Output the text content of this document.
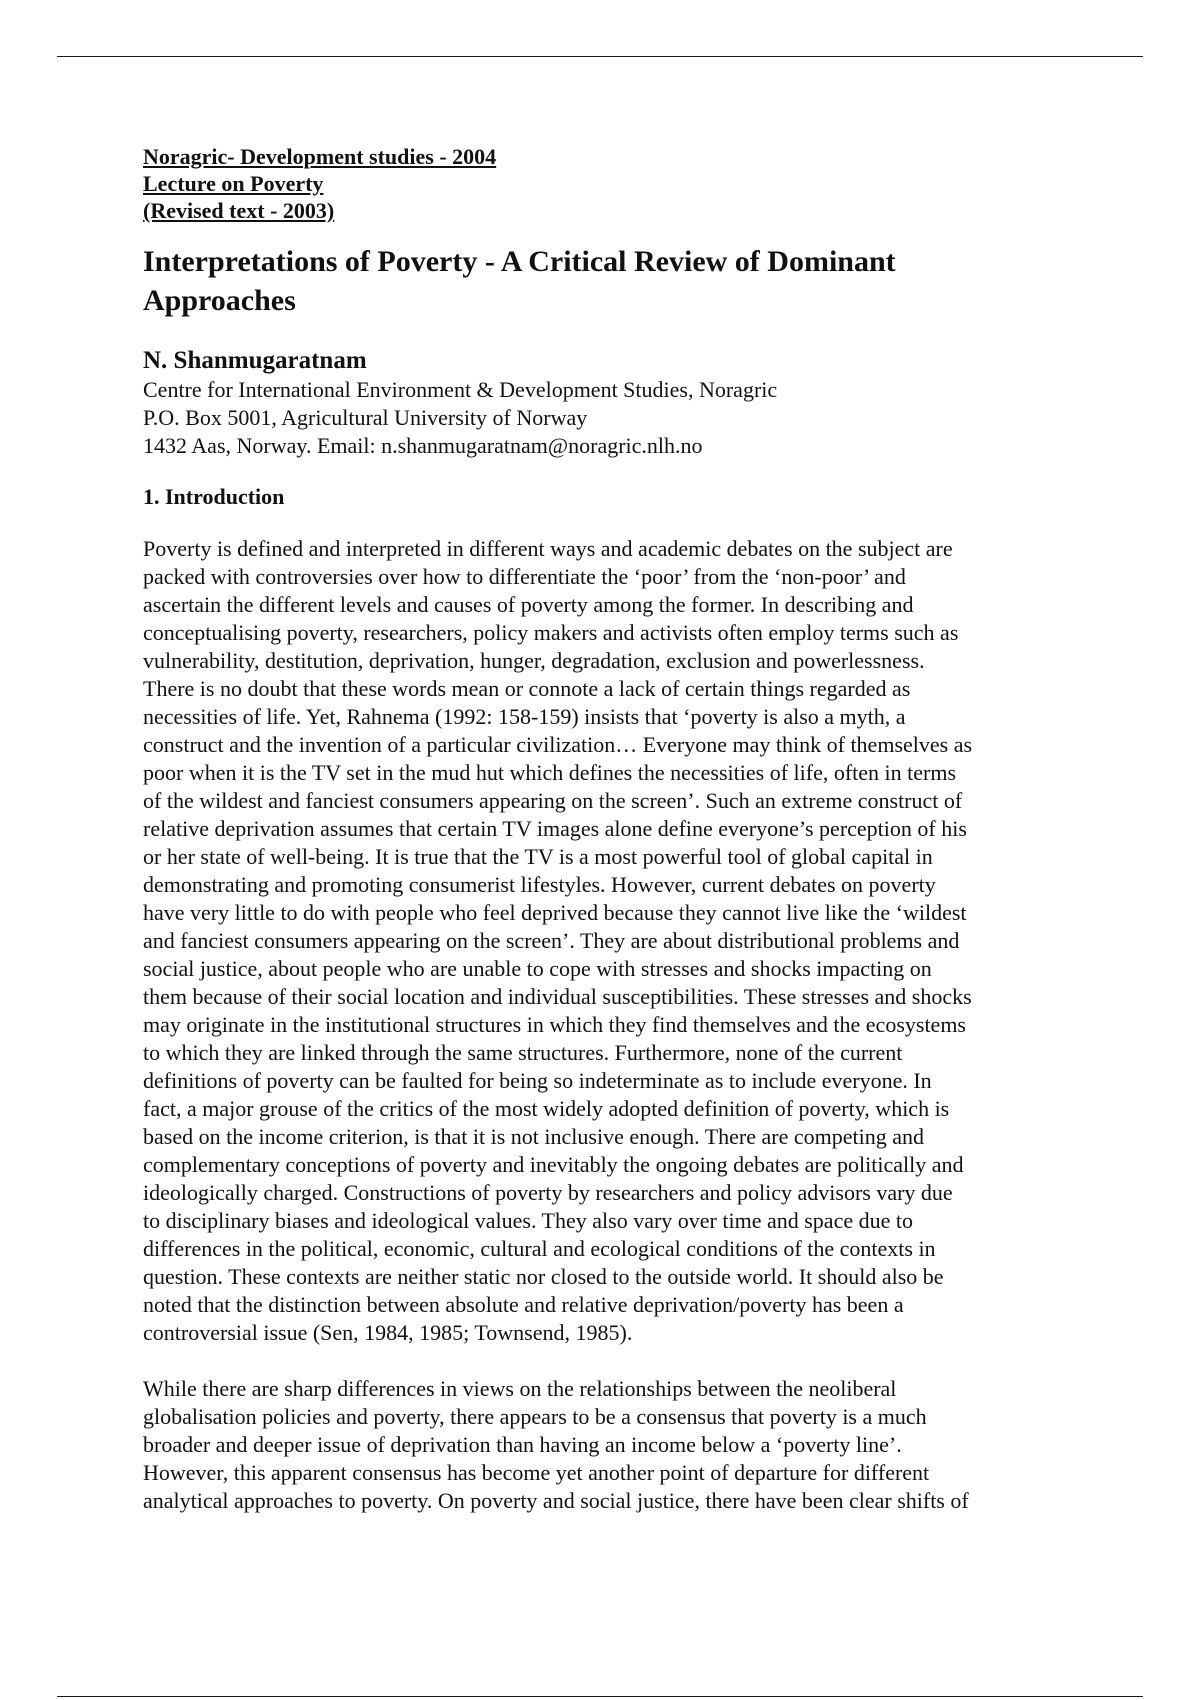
Noragric- Development studies - 2004
Lecture on Poverty
(Revised text - 2003)
Interpretations of Poverty - A Critical Review of Dominant
Approaches
N. Shanmugaratnam
Centre for International Environment & Development Studies, Noragric
P.O. Box 5001, Agricultural University of Norway
1432 Aas, Norway. Email: n.shanmugaratnam@noragric.nlh.no
1. Introduction
Poverty is defined and interpreted in different ways and academic debates on the subject are
packed with controversies over how to differentiate the ‘poor’ from the ‘non-poor’ and
ascertain the different levels and causes of poverty among the former. In describing and
conceptualising poverty, researchers, policy makers and activists often employ terms such as
vulnerability, destitution, deprivation, hunger, degradation, exclusion and powerlessness.
There is no doubt that these words mean or connote a lack of certain things regarded as
necessities of life. Yet, Rahnema (1992: 158-159) insists that ‘poverty is also a myth, a
construct and the invention of a particular civilization… Everyone may think of themselves as
poor when it is the TV set in the mud hut which defines the necessities of life, often in terms
of the wildest and fanciest consumers appearing on the screen’. Such an extreme construct of
relative deprivation assumes that certain TV images alone define everyone’s perception of his
or her state of well-being. It is true that the TV is a most powerful tool of global capital in
demonstrating and promoting consumerist lifestyles. However, current debates on poverty
have very little to do with people who feel deprived because they cannot live like the ‘wildest
and fanciest consumers appearing on the screen’. They are about distributional problems and
social justice, about people who are unable to cope with stresses and shocks impacting on
them because of their social location and individual susceptibilities. These stresses and shocks
may originate in the institutional structures in which they find themselves and the ecosystems
to which they are linked through the same structures. Furthermore, none of the current
definitions of poverty can be faulted for being so indeterminate as to include everyone. In
fact, a major grouse of the critics of the most widely adopted definition of poverty, which is
based on the income criterion, is that it is not inclusive enough. There are competing and
complementary conceptions of poverty and inevitably the ongoing debates are politically and
ideologically charged. Constructions of poverty by researchers and policy advisors vary due
to disciplinary biases and ideological values. They also vary over time and space due to
differences in the political, economic, cultural and ecological conditions of the contexts in
question. These contexts are neither static nor closed to the outside world. It should also be
noted that the distinction between absolute and relative deprivation/poverty has been a
controversial issue (Sen, 1984, 1985; Townsend, 1985).
While there are sharp differences in views on the relationships between the neoliberal
globalisation policies and poverty, there appears to be a consensus that poverty is a much
broader and deeper issue of deprivation than having an income below a ‘poverty line’.
However, this apparent consensus has become yet another point of departure for different
analytical approaches to poverty. On poverty and social justice, there have been clear shifts of
